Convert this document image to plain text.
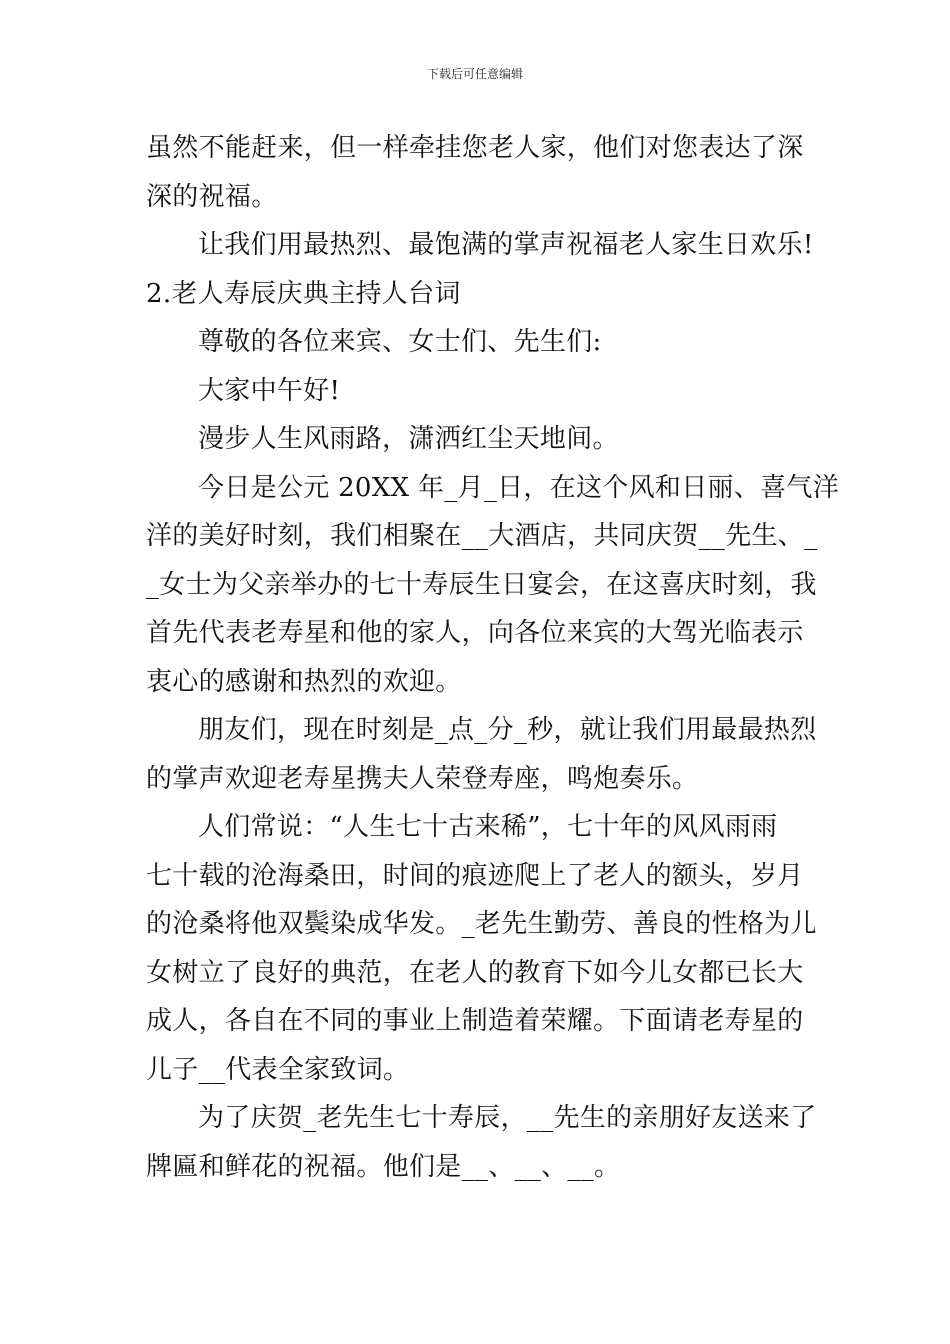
下载后可任意编辑
虽然不能赶来，但一样牵挂您老人家，他们对您表达了深
深的祝福。
让我们用最热烈、最饱满的掌声祝福老人家生日欢乐!
2.老人寿辰庆典主持人台词
尊敬的各位来宾、女士们、先生们:
大家中午好!
漫步人生风雨路，潇洒红尘天地间。
今日是公元 20XX 年_月_日，在这个风和日丽、喜气洋
洋的美好时刻，我们相聚在__大酒店，共同庆贺__先生、_
_女士为父亲举办的七十寿辰生日宴会，在这喜庆时刻，我
首先代表老寿星和他的家人，向各位来宾的大驾光临表示
衷心的感谢和热烈的欢迎。
朋友们，现在时刻是_点_分_秒，就让我们用最最热烈
的掌声欢迎老寿星携夫人荣登寿座，鸣炮奏乐。
人们常说：“人生七十古来稀”，七十年的风风雨雨
七十载的沧海桑田，时间的痕迹爬上了老人的额头，岁月
的沧桑将他双鬓染成华发。_老先生勤劳、善良的性格为儿
女树立了良好的典范，在老人的教育下如今儿女都已长大
成人，各自在不同的事业上制造着荣耀。下面请老寿星的
儿子__代表全家致词。
为了庆贺_老先生七十寿辰，__先生的亲朋好友送来了
牌匾和鲜花的祝福。他们是__、__、__。
